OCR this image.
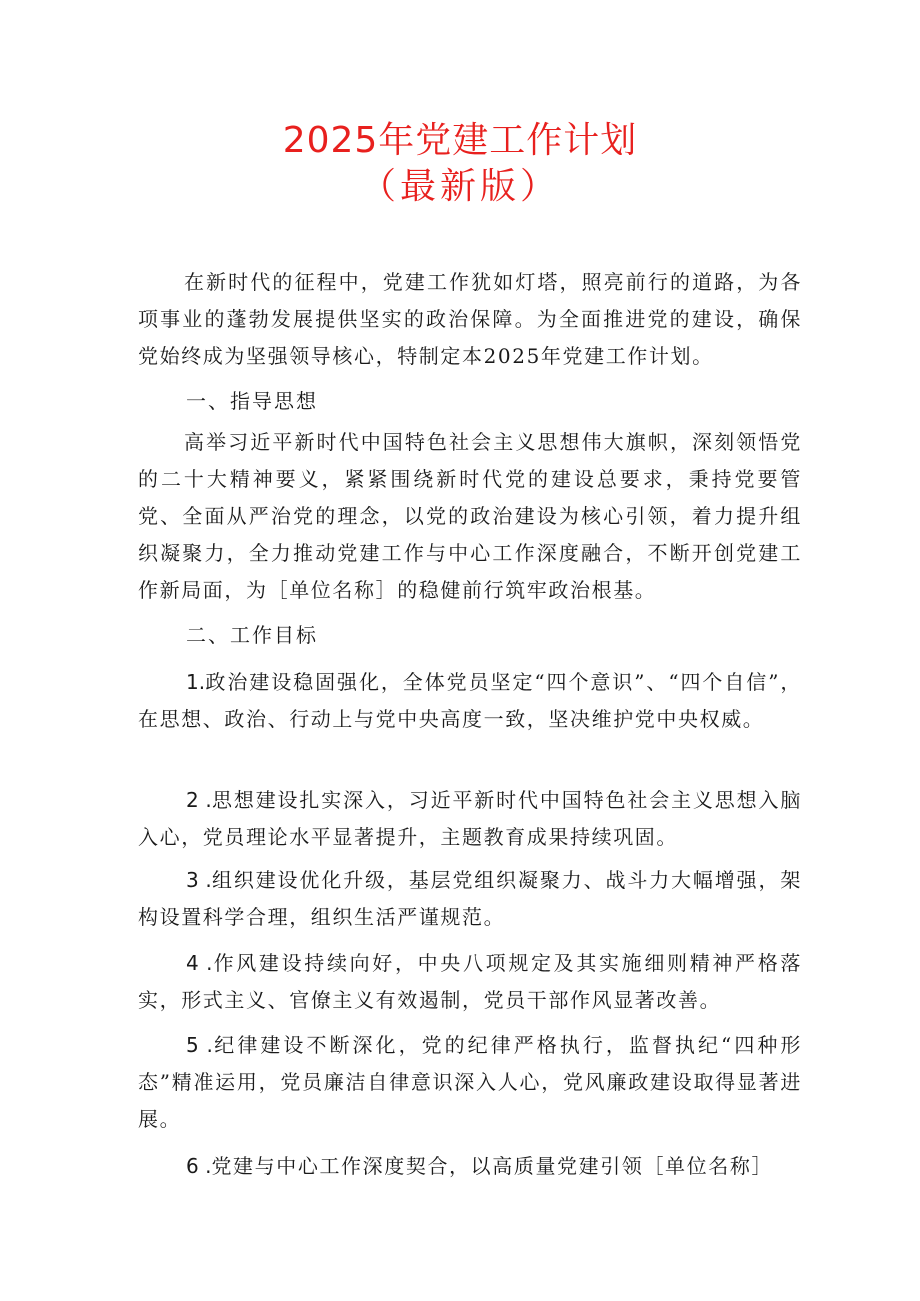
2025年党建工作计划
（最新版）
在新时代的征程中，党建工作犹如灯塔，照亮前行的道路，为各项事业的蓬勃发展提供坚实的政治保障。为全面推进党的建设，确保党始终成为坚强领导核心，特制定本2025年党建工作计划。
一、指导思想
高举习近平新时代中国特色社会主义思想伟大旗帜，深刻领悟党的二十大精神要义，紧紧围绕新时代党的建设总要求，秉持党要管党、全面从严治党的理念，以党的政治建设为核心引领，着力提升组织凝聚力，全力推动党建工作与中心工作深度融合，不断开创党建工作新局面，为［单位名称］的稳健前行筑牢政治根基。
二、工作目标
1.政治建设稳固强化，全体党员坚定“四个意识”、“四个自信”，在思想、政治、行动上与党中央高度一致，坚决维护党中央权威。
2 .思想建设扎实深入，习近平新时代中国特色社会主义思想入脑入心，党员理论水平显著提升，主题教育成果持续巩固。
3 .组织建设优化升级，基层党组织凝聚力、战斗力大幅增强，架构设置科学合理，组织生活严谨规范。
4 .作风建设持续向好，中央八项规定及其实施细则精神严格落实，形式主义、官僚主义有效遏制，党员干部作风显著改善。
5 .纪律建设不断深化，党的纪律严格执行，监督执纪“四种形态”精准运用，党员廉洁自律意识深入人心，党风廉政建设取得显著进展。
6 .党建与中心工作深度契合，以高质量党建引领［单位名称］
